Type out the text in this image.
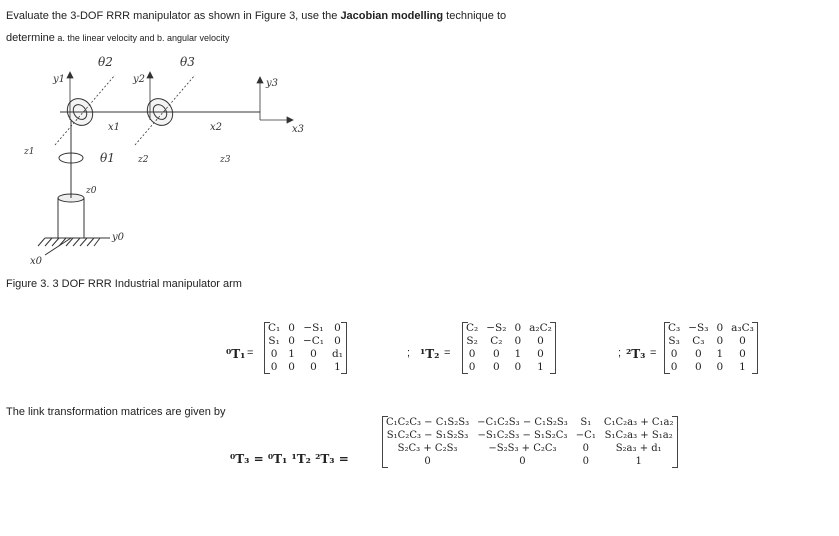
Evaluate the 3-DOF RRR manipulator as shown in Figure 3, use the Jacobian modelling technique to
determine a. the linear velocity and b. angular velocity
y1	y2	y3
x1	x2	x3
z1
z2	z3
z0
y0
x0
θ1
θ2	θ3
Figure 3. 3 DOF RRR Industrial manipulator arm
⁰T₁ =
C₁	0	−S₁	0
S₁	0	−C₁	0
0	1	0	d₁
0	0	0	1
; ¹T₂ =
C₂	−S₂	0	a₂C₂
S₂	C₂	0	0
0	0	1	0
0	0	0	1
; ²T₃ =
C₃	−S₃	0	a₃C₃
S₃	C₃	0	0
0	0	1	0
0	0	0	1
The link transformation matrices are given by
⁰T₃ = ⁰T₁ ¹T₂ ²T₃ =
C₁C₂C₃ − C₁S₂S₃	−C₁C₂S₃ − C₁S₂S₃	S₁	C₁C₂a₃ + C₁a₂
S₁C₂C₃ − S₁S₂S₃	−S₁C₂S₃ − S₁S₂C₃	−C₁	S₁C₂a₃ + S₁a₂
S₂C₃ + C₂S₃	−S₂S₃ + C₂C₃	0	S₂a₃ + d₁
0	0	0	1
